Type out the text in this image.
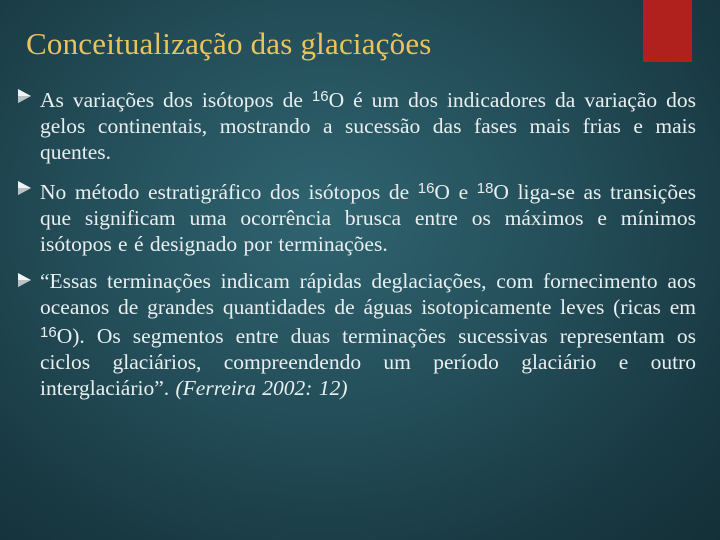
Conceitualização das glaciações
As variações dos isótopos de $^{16}$O é um dos indicadores da variação dos gelos continentais, mostrando a sucessão das fases mais frias e mais quentes.
No método estratigráfico dos isótopos de $^{16}$O e $^{18}$O liga-se as transições que significam uma ocorrência brusca entre os máximos e mínimos isótopos e é designado por terminações.
“Essas terminações indicam rápidas deglaciações, com fornecimento aos oceanos de grandes quantidades de águas isotopicamente leves (ricas em $^{16}$O). Os segmentos entre duas terminações sucessivas representam os ciclos glaciários, compreendendo um período glaciário e outro interglaciário”. (Ferreira 2002: 12)
